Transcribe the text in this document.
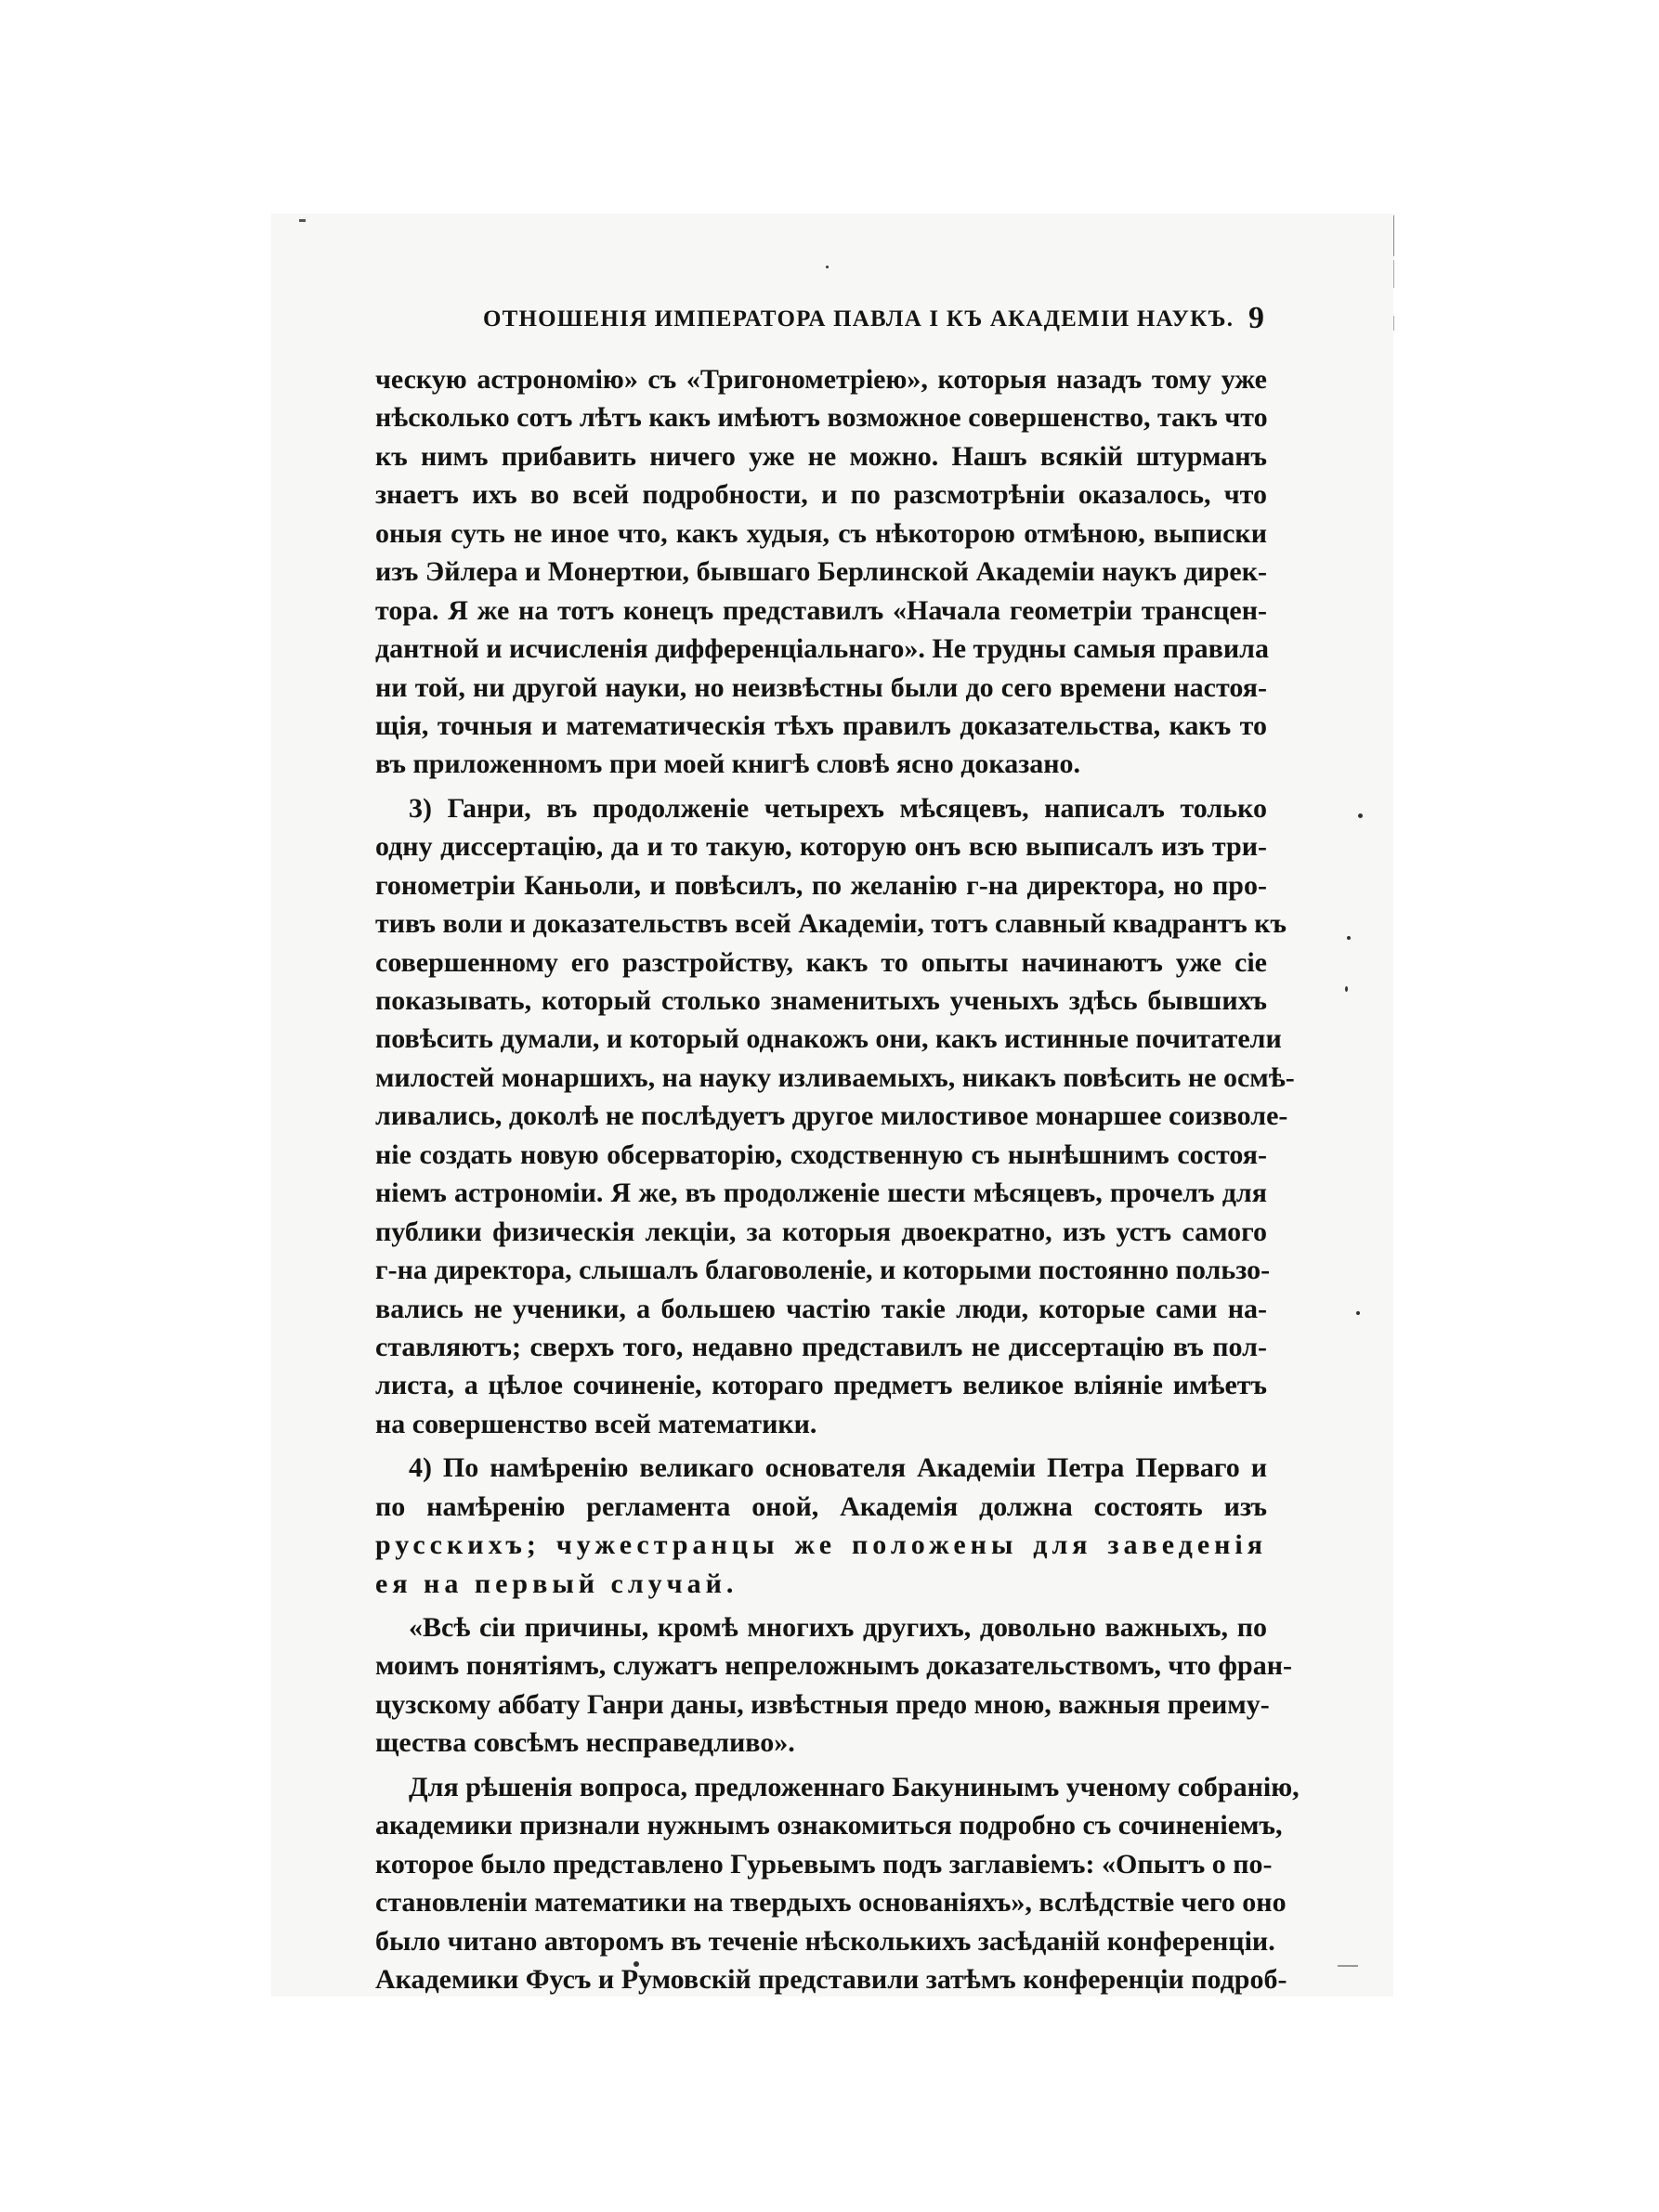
ОТНОШЕНІЯ ИМПЕРАТОРА ПАВЛА I КЪ АКАДЕМІИ НАУКЪ. 9
ческую астрономію» съ «Тригонометріею», которыя назадъ тому уже
нѣсколько сотъ лѣтъ какъ имѣютъ возможное совершенство, такъ что
къ нимъ прибавить ничего уже не можно. Нашъ всякій штурманъ
знаетъ ихъ во всей подробности, и по разсмотрѣніи оказалось, что
оныя суть не иное что, какъ худыя, съ нѣкоторою отмѣною, выписки
изъ Эйлера и Монертюи, бывшаго Берлинской Академіи наукъ дирек-
тора. Я же на тотъ конецъ представилъ «Начала геометріи трансцен-
дантной и исчисленія дифференціальнаго». Не трудны самыя правила
ни той, ни другой науки, но неизвѣстны были до сего времени настоя-
щія, точныя и математическія тѣхъ правилъ доказательства, какъ то
въ приложенномъ при моей книгѣ словѣ ясно доказано.
3) Ганри, въ продолженіе четырехъ мѣсяцевъ, написалъ только
одну диссертацію, да и то такую, которую онъ всю выписалъ изъ три-
гонометріи Каньоли, и повѣсилъ, по желанію г-на директора, но про-
тивъ воли и доказательствъ всей Академіи, тотъ славный квадрантъ къ
совершенному его разстройству, какъ то опыты начинаютъ уже сіе
показывать, который столько знаменитыхъ ученыхъ здѣсь бывшихъ
повѣсить думали, и который однакожъ они, какъ истинные почитатели
милостей монаршихъ, на науку изливаемыхъ, никакъ повѣсить не осмѣ-
ливались, доколѣ не послѣдуетъ другое милостивое монаршее соизволе-
ніе создать новую обсерваторію, сходственную съ нынѣшнимъ состоя-
ніемъ астрономіи. Я же, въ продолженіе шести мѣсяцевъ, прочелъ для
публики физическія лекціи, за которыя двоекратно, изъ устъ самого
г-на директора, слышалъ благоволеніе, и которыми постоянно пользо-
вались не ученики, а большею частію такіе люди, которые сами на-
ставляютъ; сверхъ того, недавно представилъ не диссертацію въ пол-
листа, а цѣлое сочиненіе, котораго предметъ великое вліяніе имѣетъ
на совершенство всей математики.
4) По намѣренію великаго основателя Академіи Петра Перваго и
по намѣренію регламента оной, Академія должна состоять изъ
русскихъ; чужестранцы же положены для заведенія
ея на первый случай.
«Всѣ сіи причины, кромѣ многихъ другихъ, довольно важныхъ, по
моимъ понятіямъ, служатъ непреложнымъ доказательствомъ, что фран-
цузскому аббату Ганри даны, извѣстныя предо мною, важныя преиму-
щества совсѣмъ несправедливо».
Для рѣшенія вопроса, предложеннаго Бакунинымъ ученому собранію,
академики признали нужнымъ ознакомиться подробно съ сочиненіемъ,
которое было представлено Гурьевымъ подъ заглавіемъ: «Опытъ о по-
становленіи математики на твердыхъ основаніяхъ», вслѣдствіе чего оно
было читано авторомъ въ теченіе нѣсколькихъ засѣданій конференціи.
Академики Фусъ и Румовскій представили затѣмъ конференціи подроб-
